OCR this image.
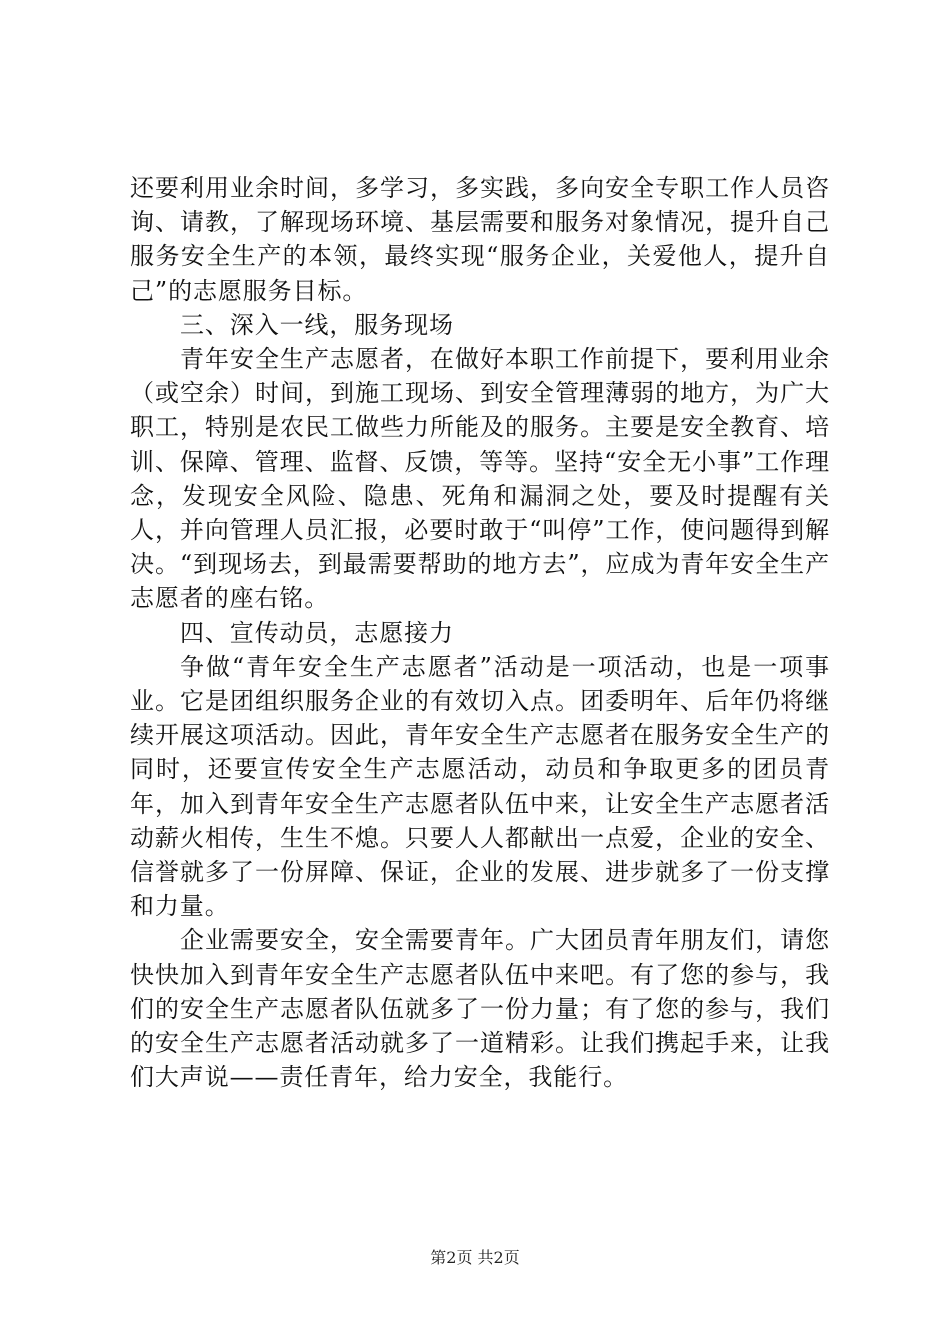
还要利用业余时间，多学习，多实践，多向安全专职工作人员咨询、请教，了解现场环境、基层需要和服务对象情况，提升自己服务安全生产的本领，最终实现“服务企业，关爱他人，提升自己”的志愿服务目标。

三、深入一线，服务现场

青年安全生产志愿者，在做好本职工作前提下，要利用业余（或空余）时间，到施工现场、到安全管理薄弱的地方，为广大职工，特别是农民工做些力所能及的服务。主要是安全教育、培训、保障、管理、监督、反馈，等等。坚持“安全无小事”工作理念，发现安全风险、隐患、死角和漏洞之处，要及时提醒有关人，并向管理人员汇报，必要时敢于“叫停”工作，使问题得到解决。“到现场去，到最需要帮助的地方去”，应成为青年安全生产志愿者的座右铭。

四、宣传动员，志愿接力

争做“青年安全生产志愿者”活动是一项活动，也是一项事业。它是团组织服务企业的有效切入点。团委明年、后年仍将继续开展这项活动。因此，青年安全生产志愿者在服务安全生产的同时，还要宣传安全生产志愿活动，动员和争取更多的团员青年，加入到青年安全生产志愿者队伍中来，让安全生产志愿者活动薪火相传，生生不熄。只要人人都献出一点爱，企业的安全、信誉就多了一份屏障、保证，企业的发展、进步就多了一份支撑和力量。

企业需要安全，安全需要青年。广大团员青年朋友们，请您快快加入到青年安全生产志愿者队伍中来吧。有了您的参与，我们的安全生产志愿者队伍就多了一份力量；有了您的参与，我们的安全生产志愿者活动就多了一道精彩。让我们携起手来，让我们大声说——责任青年，给力安全，我能行。

第2页 共2页
